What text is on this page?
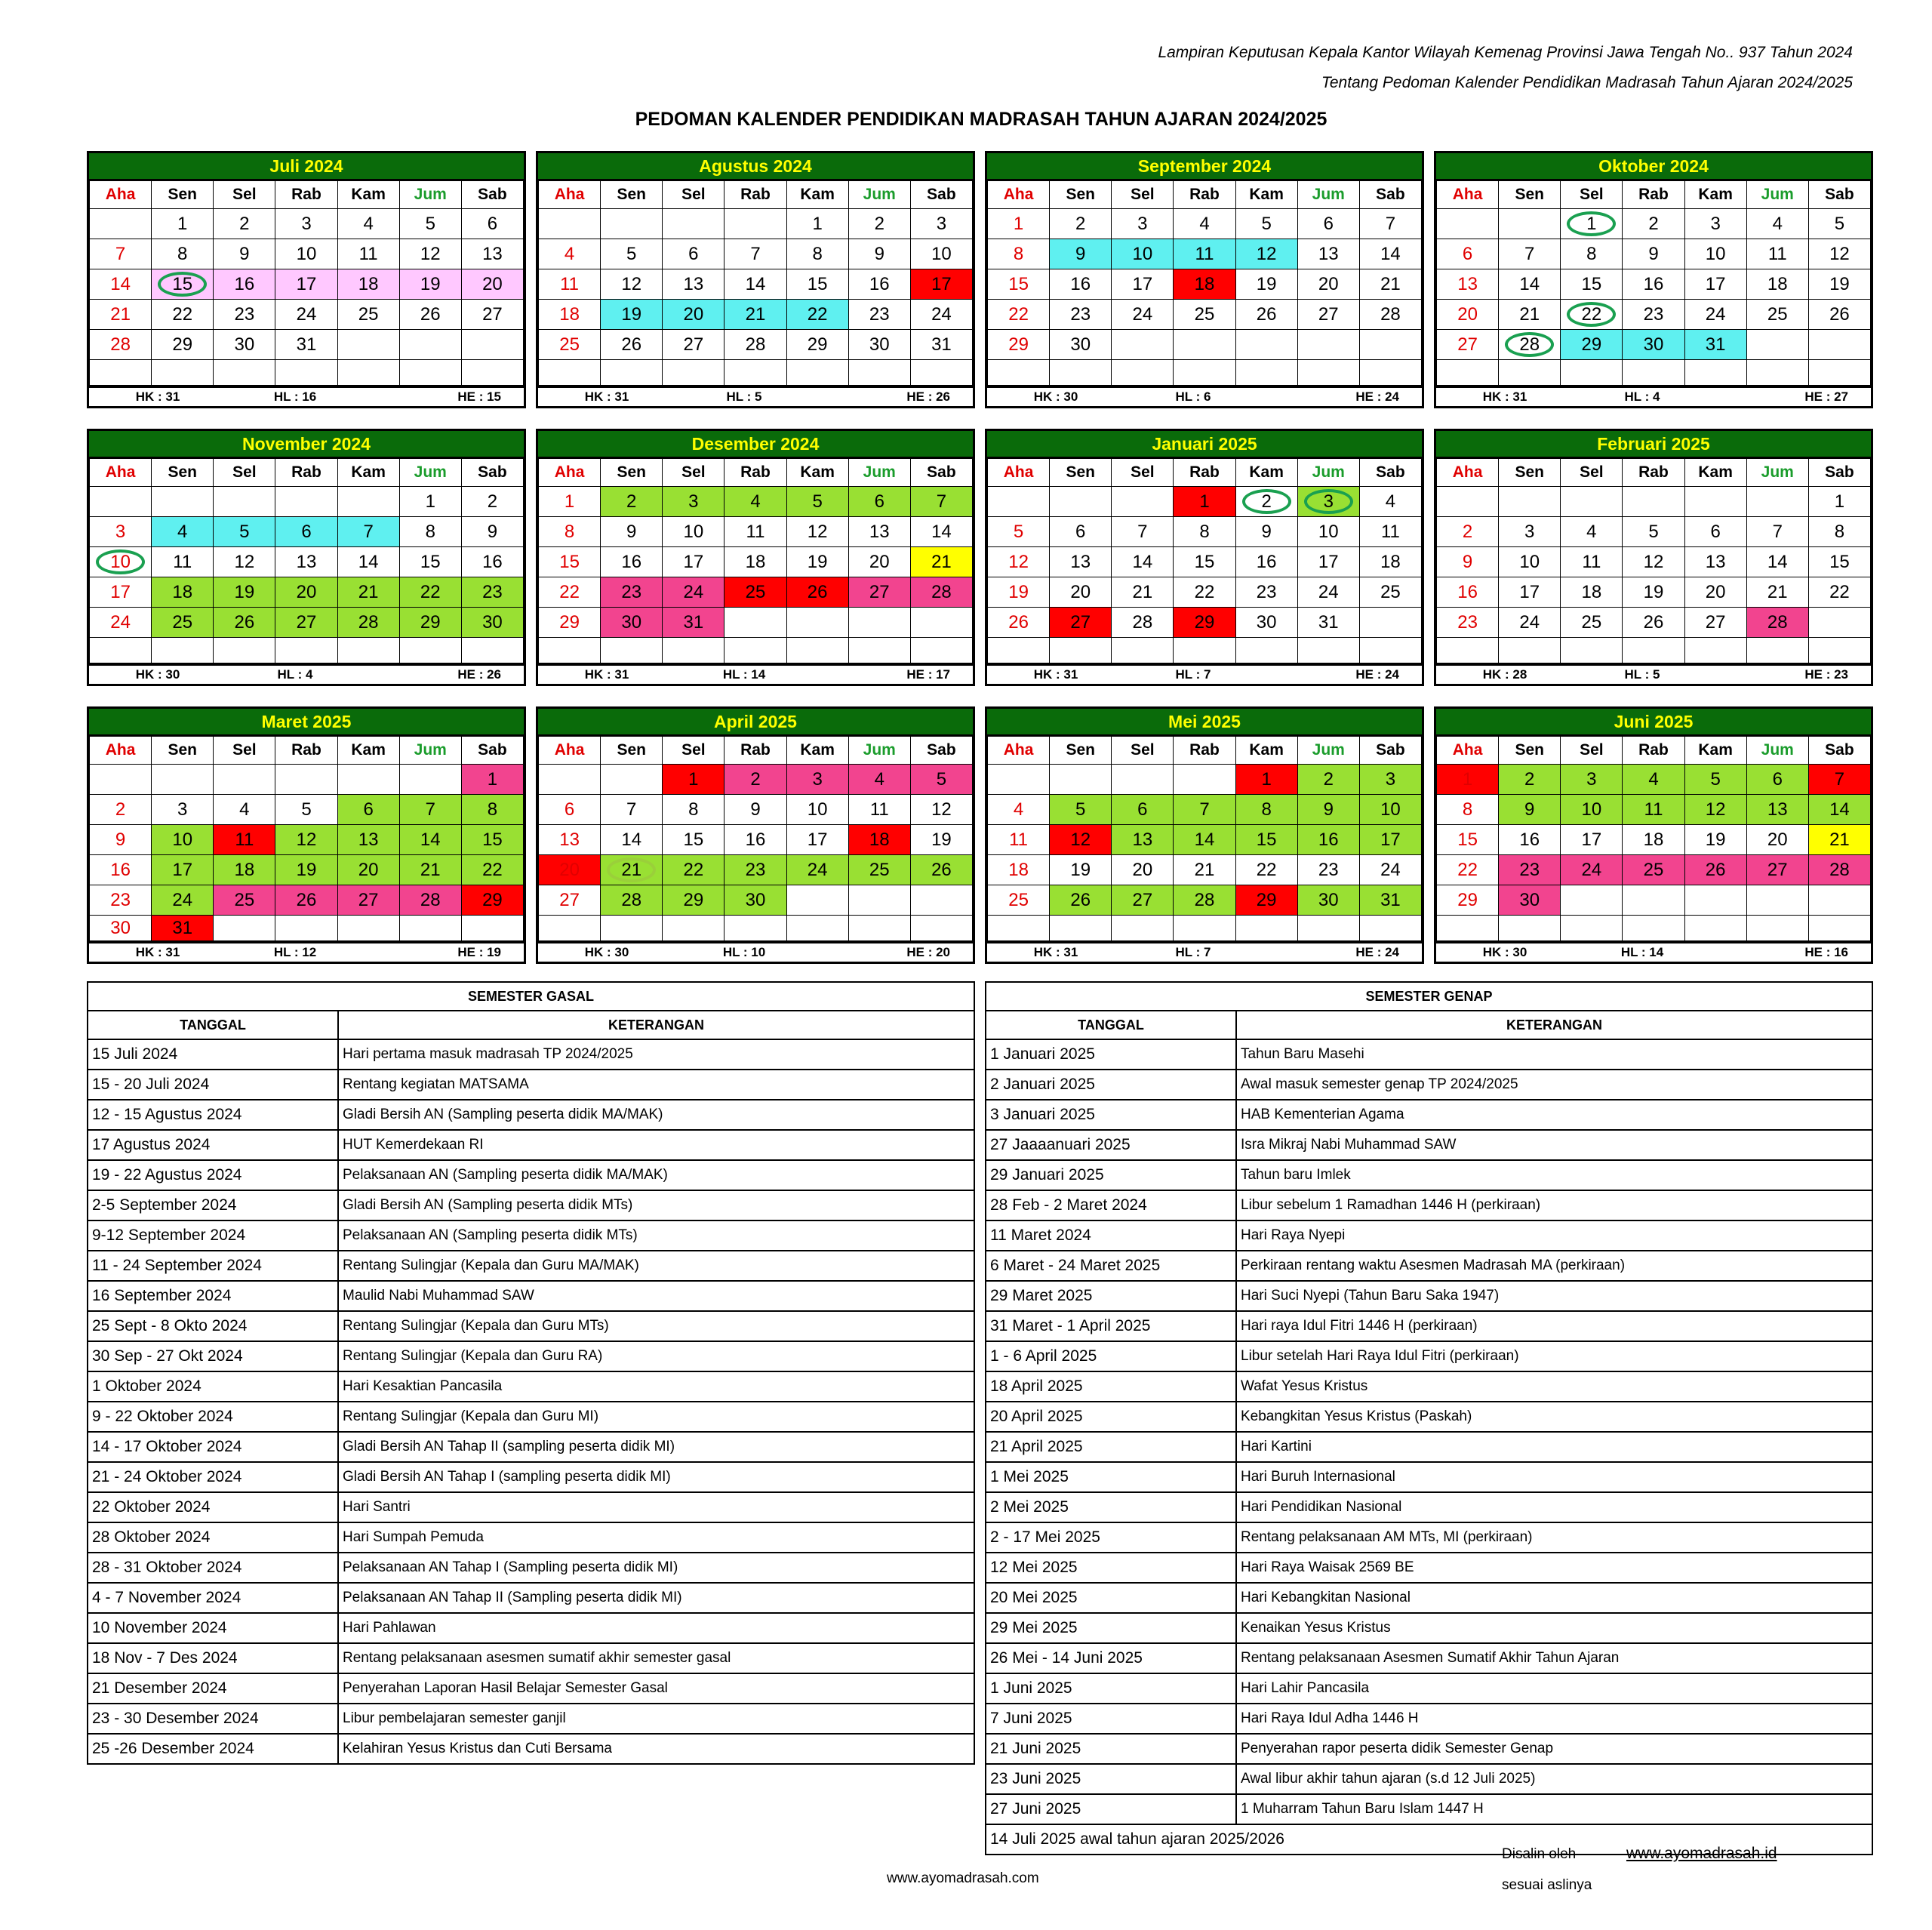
Lampiran Keputusan Kepala Kantor Wilayah Kemenag Provinsi Jawa Tengah No.. 937 Tahun 2024
Tentang Pedoman Kalender Pendidikan Madrasah Tahun Ajaran 2024/2025
PEDOMAN KALENDER PENDIDIKAN MADRASAH TAHUN AJARAN 2024/2025
Juli 2024
Aha	Sen	Sel	Rab	Kam	Jum	Sab
	1	2	3	4	5	6
7	8	9	10	11	12	13
14	15	16	17	18	19	20
21	22	23	24	25	26	27
28	29	30	31			

HK : 31	HL : 16	HE : 15
Agustus 2024
Aha	Sen	Sel	Rab	Kam	Jum	Sab
				1	2	3
4	5	6	7	8	9	10
11	12	13	14	15	16	17

18	19	20	21	22	23	24
25	26	27	28	29	30	31

HK : 31	HL : 5	HE : 26
September 2024
Aha	Sen	Sel	Rab	Kam	Jum	Sab
1	2	3	4	5	6	7
8	9	10	11	12	13	14
15	16	17	18	19	20	21
22	23	24	25	26	27	28
29	30					

HK : 30	HL : 6	HE : 24
Oktober 2024
Aha	Sen	Sel	Rab	Kam	Jum	Sab
		1	2	3	4	5
6	7	8	9	10	11	12
13	14	15	16	17	18	19
20	21	22	23	24	25	26
27	28	29	30	31		

HK : 31	HL : 4	HE : 27
November 2024
Aha	Sen	Sel	Rab	Kam	Jum	Sab
					1	2
3	4	5	6	7	8	9
10	11	12	13	14	15	16
17	18	19	20	21	22	23
24	25	26	27	28	29	30

HK : 30	HL : 4	HE : 26
Desember 2024
Aha	Sen	Sel	Rab	Kam	Jum	Sab
1	2	3	4	5	6	7
8	9	10	11	12	13	14
15	16	17	18	19	20	21
22	23	24	25	26	27	28
29	30	31				

HK : 31	HL : 14	HE : 17
Januari 2025
Aha	Sen	Sel	Rab	Kam	Jum	Sab
			1	2	3	4
5	6	7	8	9	10	11
12	13	14	15	16	17	18
19	20	21	22	23	24	25
26	27	28	29	30	31	

HK : 31	HL : 7	HE : 24
Februari 2025
Aha	Sen	Sel	Rab	Kam	Jum	Sab
						1
2	3	4	5	6	7	8
9	10	11	12	13	14	15
16	17	18	19	20	21	22
23	24	25	26	27	28	

HK : 28	HL : 5	HE : 23
Maret 2025
Aha	Sen	Sel	Rab	Kam	Jum	Sab
						1
2	3	4	5	6	7	8
9	10	11	12	13	14	15
16	17	18	19	20	21	22
23	24	25	26	27	28	29
30	31					
HK : 31	HL : 12	HE : 19
April 2025
Aha	Sen	Sel	Rab	Kam	Jum	Sab
		1	2	3	4	5
6	7	8	9	10	11	12
13	14	15	16	17	18	19
20	21	22	23	24	25	26
27	28	29	30			

HK : 30	HL : 10	HE : 20
Mei 2025
Aha	Sen	Sel	Rab	Kam	Jum	Sab
				1	2	3
4	5	6	7	8	9	10
11	12	13	14	15	16	17
18	19	20	21	22	23	24
25	26	27	28	29	30	31

HK : 31	HL : 7	HE : 24
Juni 2025
Aha	Sen	Sel	Rab	Kam	Jum	Sab
1	2	3	4	5	6	7
8	9	10	11	12	13	14
15	16	17	18	19	20	21
22	23	24	25	26	27	28
29	30					

HK : 30	HL : 14	HE : 16
SEMESTER GASAL	
TANGGAL	KETERANGAN
15 Juli 2024	Hari pertama masuk madrasah TP 2024/2025
15 - 20 Juli 2024	Rentang kegiatan MATSAMA
12 - 15 Agustus 2024	Gladi Bersih AN (Sampling peserta didik MA/MAK)
17 Agustus 2024	HUT Kemerdekaan RI
19 - 22 Agustus 2024	Pelaksanaan AN (Sampling peserta didik MA/MAK)
2-5 September 2024	Gladi Bersih AN (Sampling peserta didik MTs)
9-12 September 2024	Pelaksanaan AN (Sampling peserta didik MTs)
11 - 24 September 2024	Rentang Sulingjar (Kepala dan Guru MA/MAK)
16 September 2024	Maulid Nabi Muhammad SAW
25 Sept - 8 Okto 2024	Rentang Sulingjar (Kepala dan Guru MTs)
30 Sep - 27 Okt 2024	Rentang Sulingjar (Kepala dan Guru RA)
1 Oktober 2024	Hari Kesaktian Pancasila
9 - 22 Oktober 2024	Rentang Sulingjar (Kepala dan Guru MI)
14 - 17 Oktober 2024	Gladi Bersih AN Tahap II (sampling peserta didik MI)
21 - 24 Oktober 2024	Gladi Bersih AN Tahap I (sampling peserta didik MI)
22 Oktober 2024	Hari Santri
28 Oktober 2024	Hari Sumpah Pemuda
28 - 31 Oktober 2024	Pelaksanaan AN Tahap I (Sampling peserta didik MI)
4 - 7 November 2024	Pelaksanaan AN Tahap II (Sampling peserta didik MI)
10 November 2024	Hari Pahlawan
18 Nov - 7 Des 2024	Rentang pelaksanaan asesmen sumatif akhir semester gasal
21 Desember 2024	Penyerahan Laporan Hasil Belajar Semester Gasal
23 - 30 Desember 2024	Libur pembelajaran semester ganjil
25 -26 Desember 2024	Kelahiran Yesus Kristus dan Cuti Bersama
SEMESTER GENAP	
TANGGAL	KETERANGAN
1 Januari 2025	Tahun Baru Masehi
2 Januari 2025	Awal masuk semester genap TP 2024/2025
3 Januari 2025	HAB Kementerian Agama
27 Jaaaanuari 2025	Isra Mikraj Nabi Muhammad SAW
29 Januari 2025	Tahun baru Imlek
28 Feb - 2 Maret 2024	Libur sebelum 1 Ramadhan 1446 H (perkiraan)
11 Maret 2024	Hari Raya Nyepi
6 Maret - 24 Maret 2025	Perkiraan rentang waktu Asesmen Madrasah MA (perkiraan)
29 Maret 2025	Hari Suci Nyepi (Tahun Baru Saka 1947)
31 Maret - 1 April 2025	Hari raya Idul Fitri 1446 H (perkiraan)
1 - 6 April 2025	Libur setelah Hari Raya Idul Fitri (perkiraan)
18 April 2025	Wafat Yesus Kristus
20 April 2025	Kebangkitan Yesus Kristus (Paskah)
21 April 2025	Hari Kartini
1 Mei 2025	Hari Buruh Internasional
2 Mei 2025	Hari Pendidikan Nasional
2 - 17 Mei 2025	Rentang pelaksanaan AM MTs, MI (perkiraan)
12 Mei 2025	Hari Raya Waisak 2569 BE
20 Mei 2025	Hari Kebangkitan Nasional
29 Mei 2025	Kenaikan Yesus Kristus
26 Mei - 14 Juni 2025	Rentang pelaksanaan Asesmen Sumatif Akhir Tahun Ajaran
1 Juni 2025	Hari Lahir Pancasila
7 Juni 2025	Hari Raya Idul Adha 1446 H
21 Juni 2025	Penyerahan rapor peserta didik Semester Genap
23 Juni 2025	Awal libur akhir tahun ajaran (s.d 12 Juli 2025)
27 Juni 2025	1 Muharram Tahun Baru Islam 1447 H
14 Juli 2025 awal tahun ajaran 2025/2026	
www.ayomadrasah.com
Disalin oleh
sesuai aslinya
www.ayomadrasah.id
